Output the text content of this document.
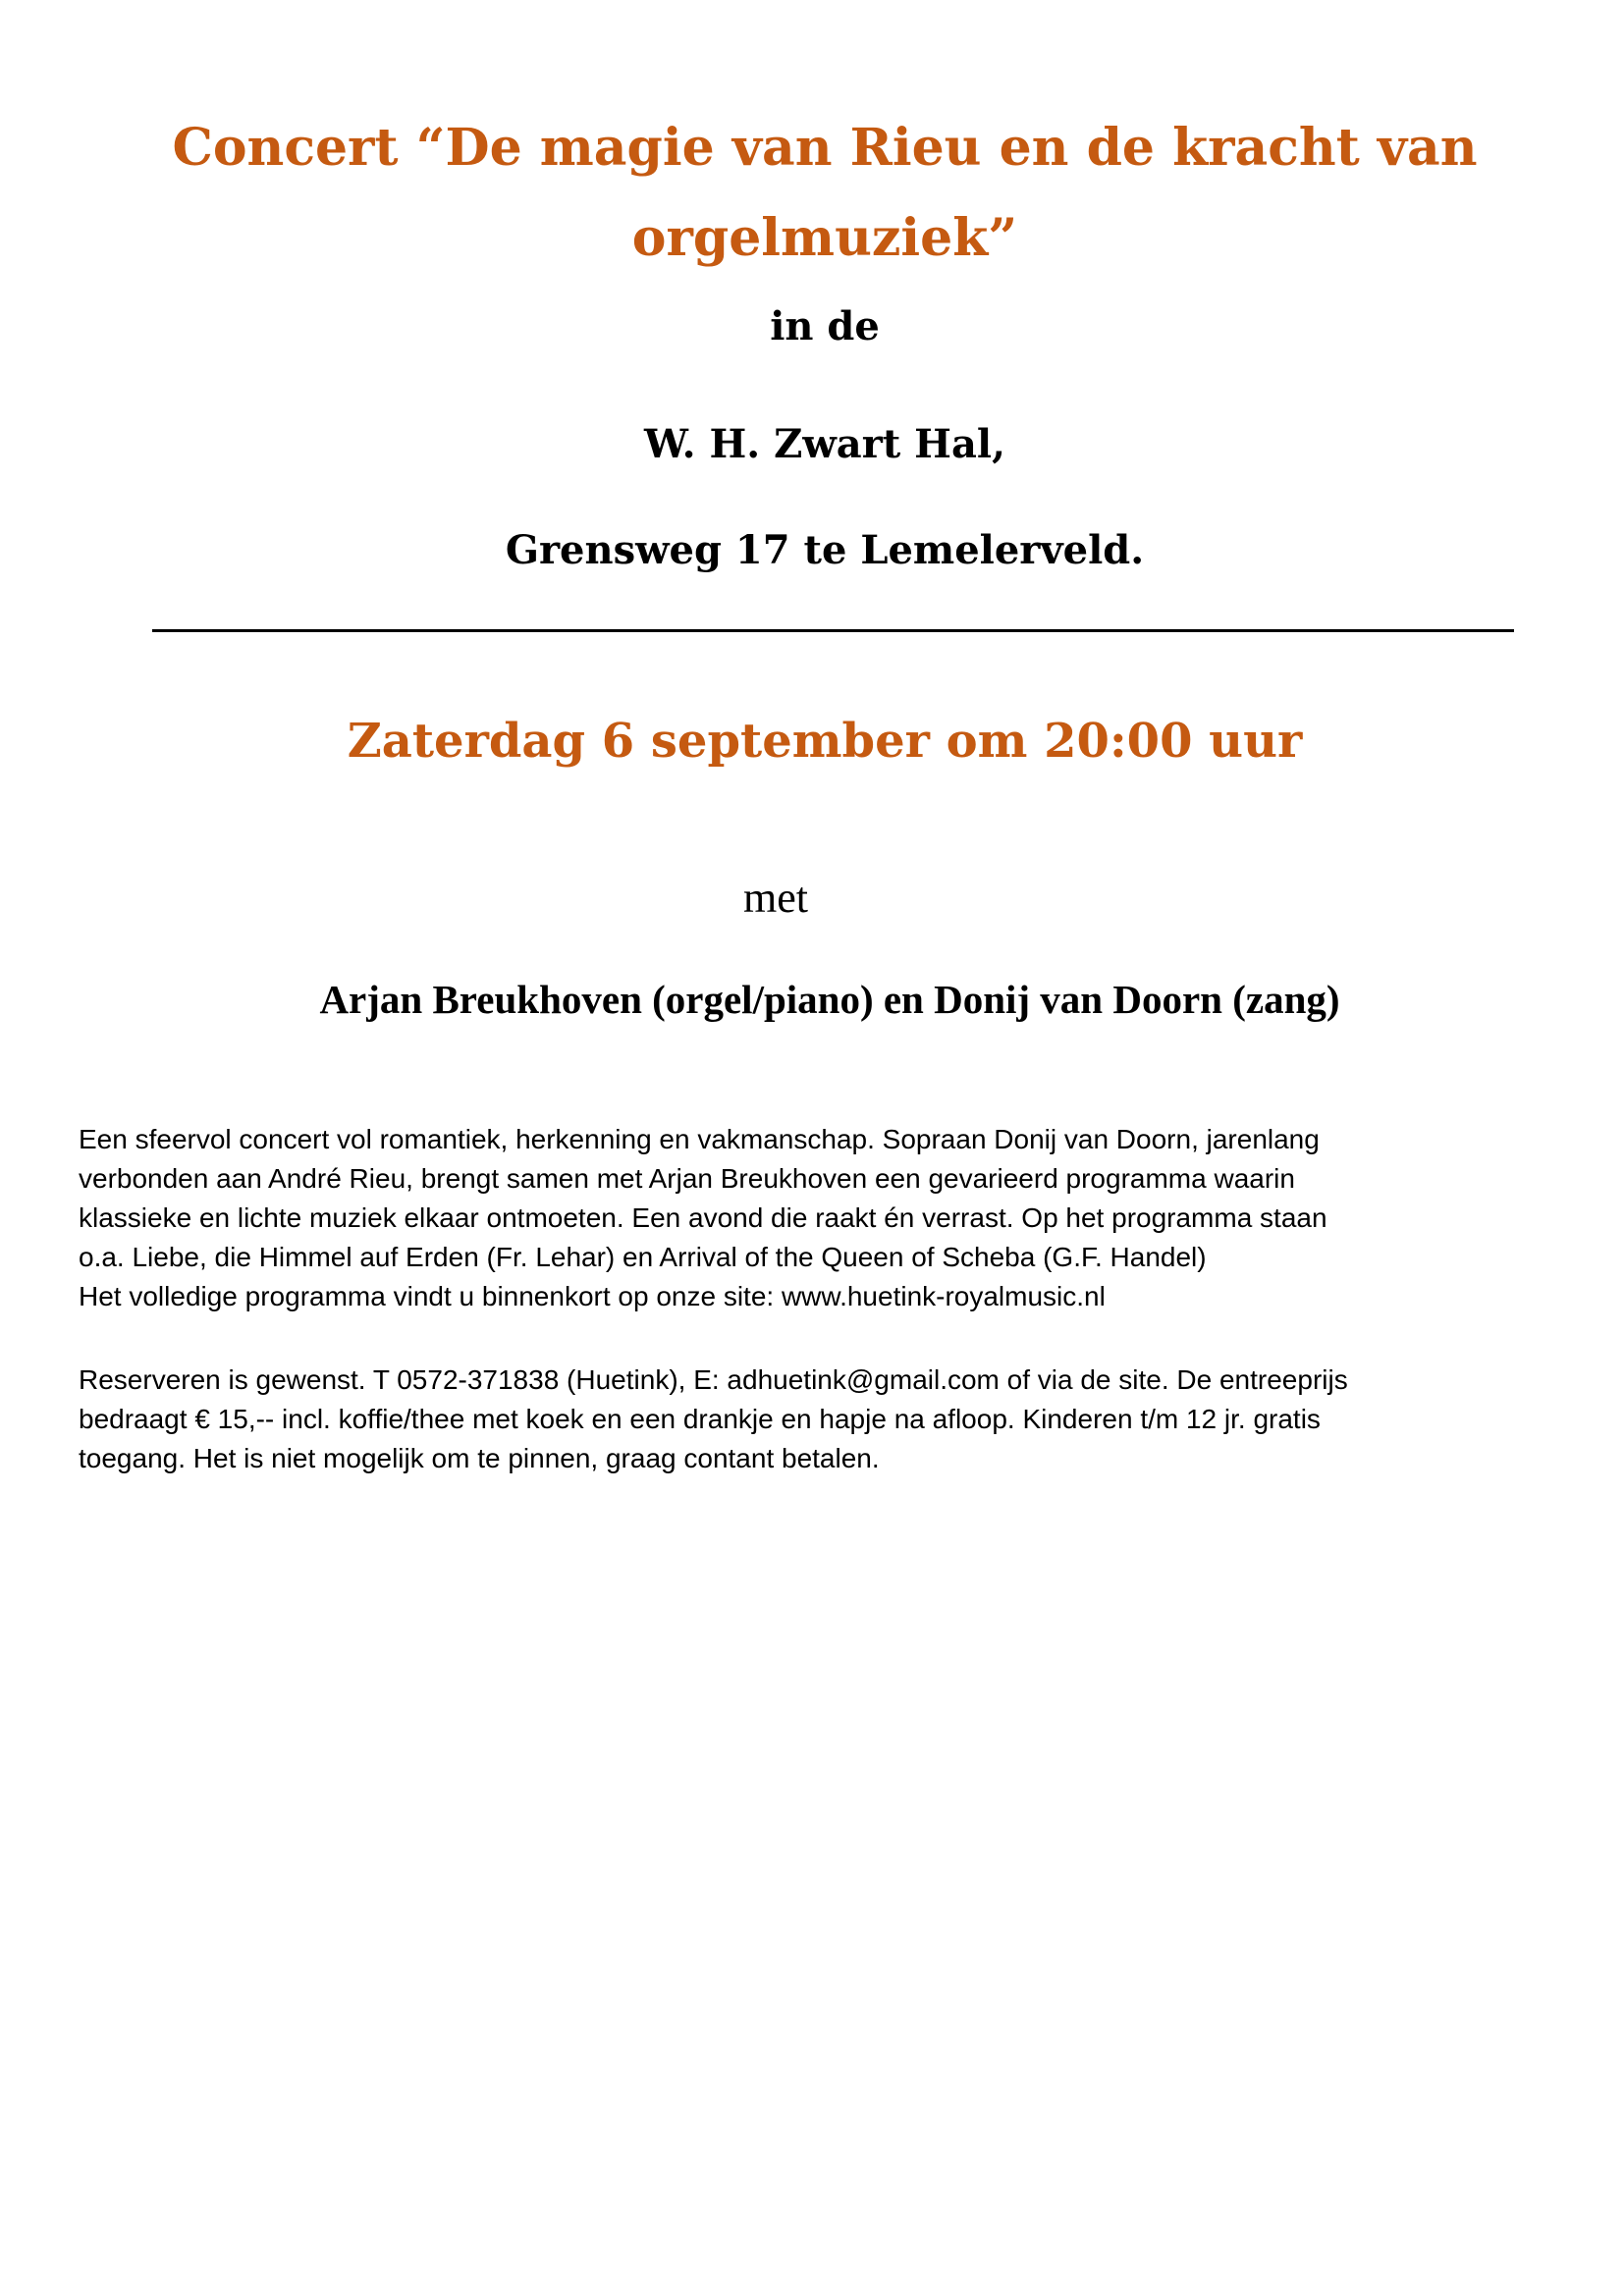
Concert “De magie van Rieu en de kracht van
orgelmuziek”

in de

W. H. Zwart Hal,

Grensweg 17 te Lemelerveld.

Zaterdag 6 september om 20:00 uur

met

Arjan Breukhoven (orgel/piano) en Donij van Doorn (zang)

Een sfeervol concert vol romantiek, herkenning en vakmanschap. Sopraan Donij van Doorn, jarenlang
verbonden aan André Rieu, brengt samen met Arjan Breukhoven een gevarieerd programma waarin
klassieke en lichte muziek elkaar ontmoeten. Een avond die raakt én verrast. Op het programma staan
o.a. Liebe, die Himmel auf Erden (Fr. Lehar) en Arrival of the Queen of Scheba (G.F. Handel)
Het volledige programma vindt u binnenkort op onze site: www.huetink-royalmusic.nl
Reserveren is gewenst. T 0572-371838 (Huetink), E: adhuetink@gmail.com of via de site. De entreeprijs
bedraagt € 15,-- incl. koffie/thee met koek en een drankje en hapje na afloop. Kinderen t/m 12 jr. gratis
toegang. Het is niet mogelijk om te pinnen, graag contant betalen.
